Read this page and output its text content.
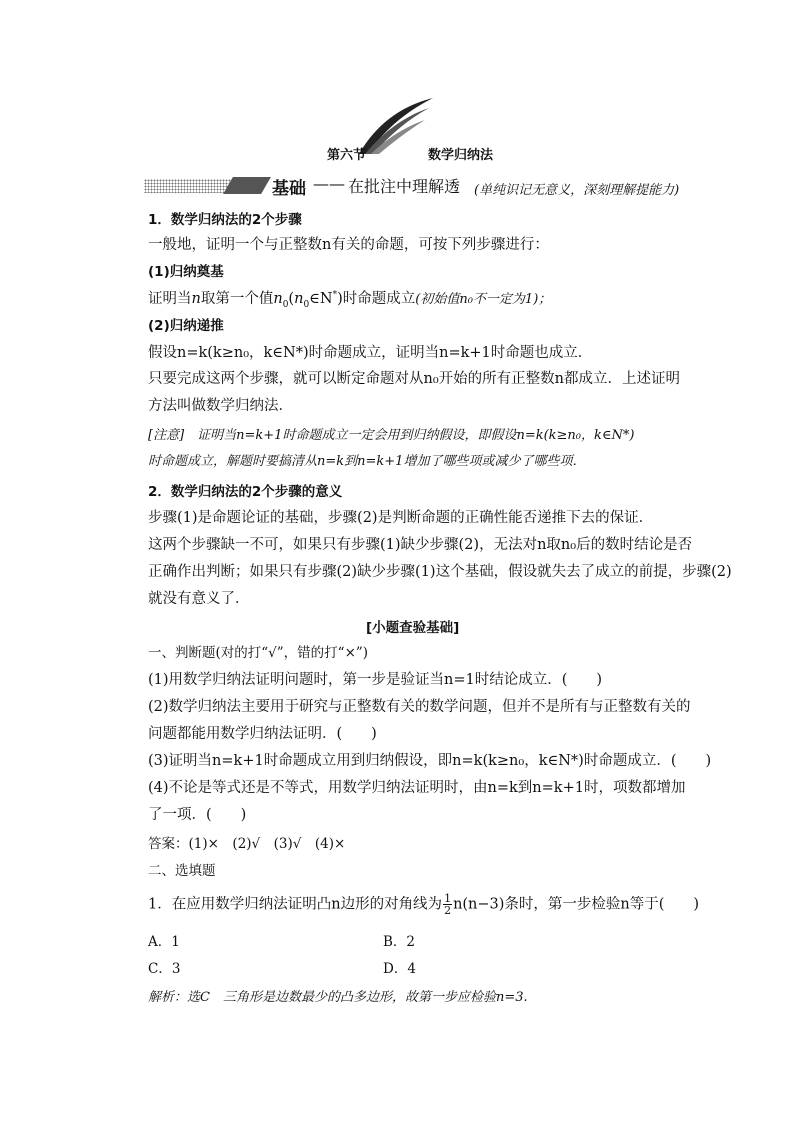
第六节	数学归纳法
基础 —— 在批注中理解透 (单纯识记无意义，深刻理解提能力)
1．数学归纳法的2个步骤
一般地，证明一个与正整数n有关的命题，可按下列步骤进行：
(1)归纳奠基
证明当n取第一个值$n_0(n_0\in N^*)$时命题成立(初始值n₀不一定为1)；
(2)归纳递推
假设n=k(k≥n₀，k∈N*)时命题成立，证明当n=k+1时命题也成立．
只要完成这两个步骤，就可以断定命题对从n₀开始的所有正整数n都成立．上述证明
方法叫做数学归纳法．
[注意]　证明当n=k+1时命题成立一定会用到归纳假设，即假设n=k(k≥n₀，k∈N*)
时命题成立，解题时要搞清从n=k到n=k+1增加了哪些项或减少了哪些项．
2．数学归纳法的2个步骤的意义
步骤(1)是命题论证的基础，步骤(2)是判断命题的正确性能否递推下去的保证．
这两个步骤缺一不可，如果只有步骤(1)缺少步骤(2)，无法对n取n₀后的数时结论是否
正确作出判断；如果只有步骤(2)缺少步骤(1)这个基础，假设就失去了成立的前提，步骤(2)
就没有意义了．
[小题查验基础]
一、判断题(对的打“√”，错的打“×”)
(1)用数学归纳法证明问题时，第一步是验证当n=1时结论成立．(　　)
(2)数学归纳法主要用于研究与正整数有关的数学问题，但并不是所有与正整数有关的
问题都能用数学归纳法证明．(　　)
(3)证明当n=k+1时命题成立用到归纳假设，即n=k(k≥n₀，k∈N*)时命题成立．(　　)
(4)不论是等式还是不等式，用数学归纳法证明时，由n=k到n=k+1时，项数都增加
了一项．(　　)
答案：(1)×　(2)√　(3)√　(4)×
二、选填题
1．在应用数学归纳法证明凸n边形的对角线为 $\frac{1}{2} n(n-3)$条时，第一步检验n等于(　　)
A．1	B．2
C．3	D．4
解析：选C　三角形是边数最少的凸多边形，故第一步应检验n=3.
